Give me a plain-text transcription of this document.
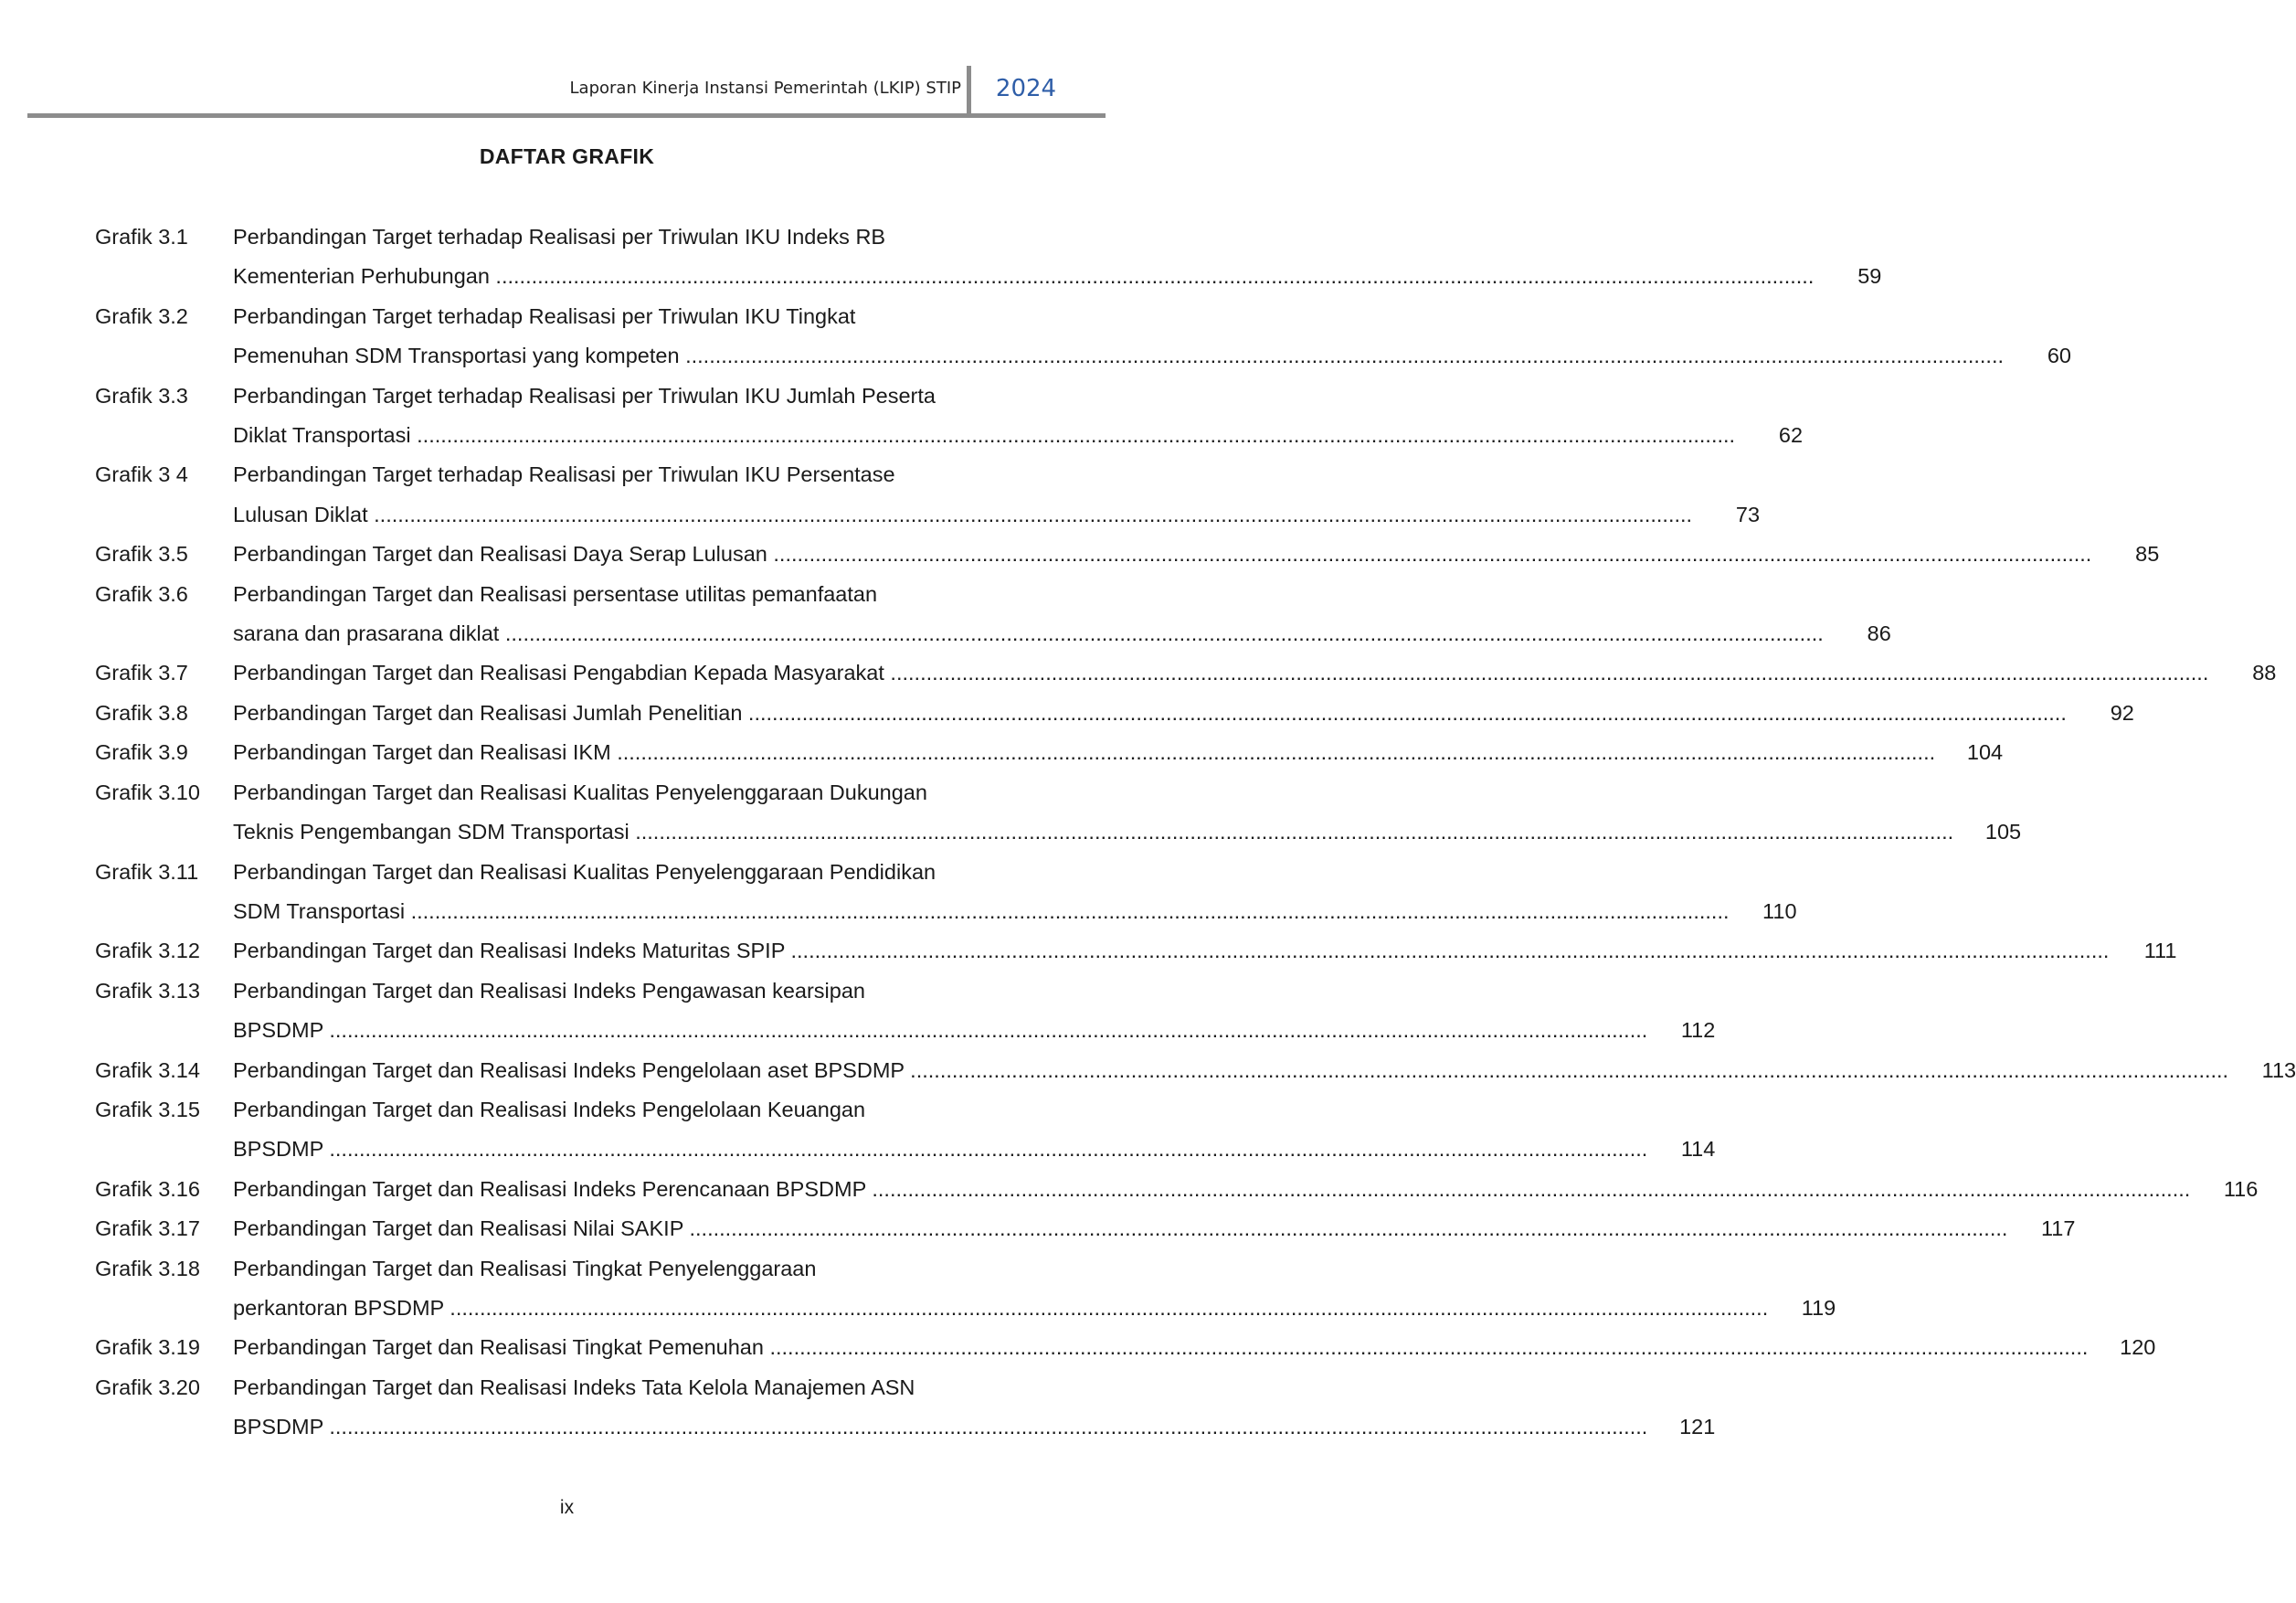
Laporan Kinerja Instansi Pemerintah (LKIP) STIP	2024
DAFTAR GRAFIK
Grafik 3.1	Perbandingan Target terhadap Realisasi per Triwulan IKU Indeks RB
Kementerian Perhubungan .....	59
Grafik 3.2	Perbandingan Target terhadap Realisasi per Triwulan IKU Tingkat
Pemenuhan SDM Transportasi yang kompeten .....	60
Grafik 3.3	Perbandingan Target terhadap Realisasi per Triwulan IKU Jumlah Peserta
Diklat Transportasi .....	62
Grafik 3 4	Perbandingan Target terhadap Realisasi per Triwulan IKU Persentase
Lulusan Diklat .....	73
Grafik 3.5	Perbandingan Target dan Realisasi Daya Serap Lulusan .....	85
Grafik 3.6	Perbandingan Target dan Realisasi persentase utilitas pemanfaatan
sarana dan prasarana diklat .....	86
Grafik 3.7	Perbandingan Target dan Realisasi Pengabdian Kepada Masyarakat .....	88
Grafik 3.8	Perbandingan Target dan Realisasi Jumlah Penelitian .....	92
Grafik 3.9	Perbandingan Target dan Realisasi IKM .....	104
Grafik 3.10	Perbandingan Target dan Realisasi Kualitas Penyelenggaraan Dukungan
Teknis Pengembangan SDM Transportasi .....	105
Grafik 3.11	Perbandingan Target dan Realisasi Kualitas Penyelenggaraan Pendidikan
SDM Transportasi .....	110
Grafik 3.12	Perbandingan Target dan Realisasi Indeks Maturitas SPIP .....	111
Grafik 3.13	Perbandingan Target dan Realisasi Indeks Pengawasan kearsipan
BPSDMP .....	112
Grafik 3.14	Perbandingan Target dan Realisasi Indeks Pengelolaan aset BPSDMP .....	113
Grafik 3.15	Perbandingan Target dan Realisasi Indeks Pengelolaan Keuangan
BPSDMP .....	114
Grafik 3.16	Perbandingan Target dan Realisasi Indeks Perencanaan BPSDMP .....	116
Grafik 3.17	Perbandingan Target dan Realisasi Nilai SAKIP .....	117
Grafik 3.18	Perbandingan Target dan Realisasi Tingkat Penyelenggaraan
perkantoran BPSDMP .....	119
Grafik 3.19	Perbandingan Target dan Realisasi Tingkat Pemenuhan .....	120
Grafik 3.20	Perbandingan Target dan Realisasi Indeks Tata Kelola Manajemen ASN
BPSDMP .....	121
ix
